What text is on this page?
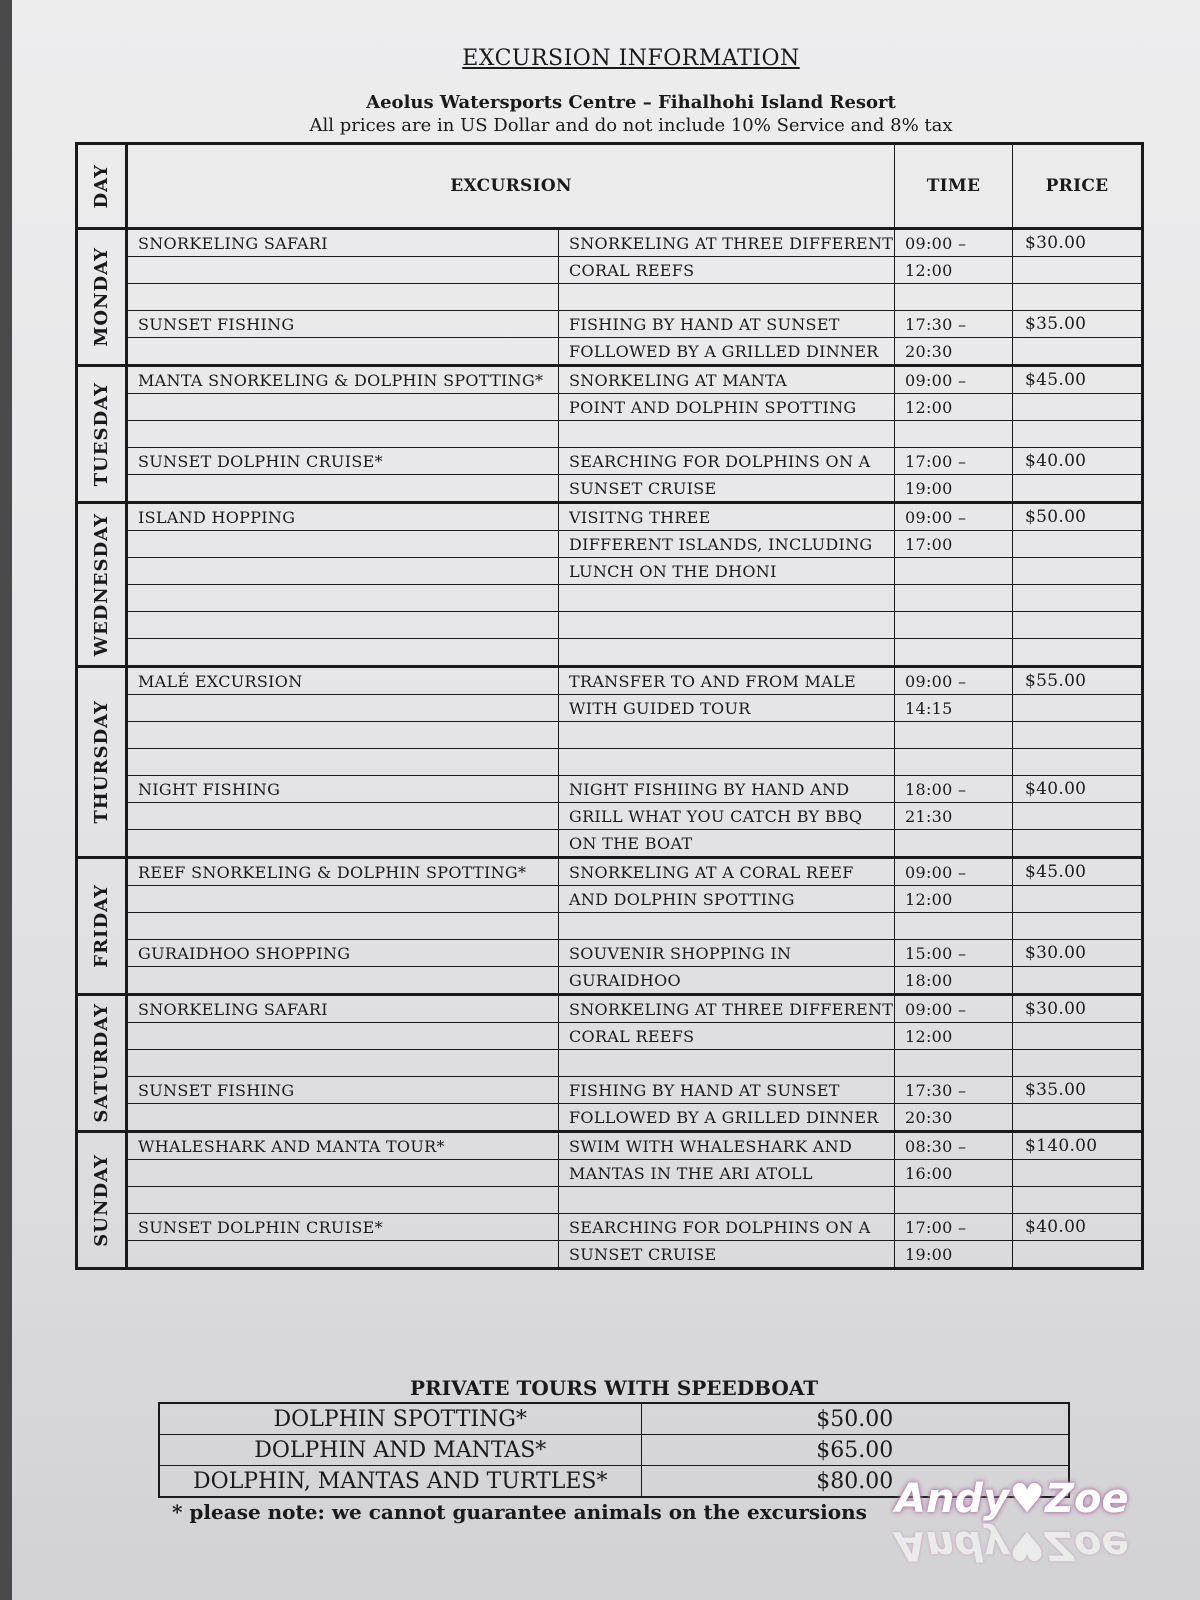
EXCURSION INFORMATION
Aeolus Watersports Centre – Fihalhohi Island Resort
All prices are in US Dollar and do not include 10% Service and 8% tax
DAY	EXCURSION		TIME	PRICE

MONDAY	SNORKELING SAFARI	SNORKELING AT THREE DIFFERENT	09:00 –	$30.00
		CORAL REEFS	12:00	

	SUNSET FISHING	FISHING BY HAND AT SUNSET	17:30 –	$35.00
		FOLLOWED BY A GRILLED DINNER	20:30	

TUESDAY	MANTA SNORKELING & DOLPHIN SPOTTING*	SNORKELING AT MANTA	09:00 –	$45.00
		POINT AND DOLPHIN SPOTTING	12:00	

	SUNSET DOLPHIN CRUISE*	SEARCHING FOR DOLPHINS ON A	17:00 –	$40.00
		SUNSET CRUISE	19:00	

WEDNESDAY	ISLAND HOPPING	VISITNG THREE	09:00 –	$50.00
		DIFFERENT ISLANDS, INCLUDING	17:00	
		LUNCH ON THE DHONI		

THURSDAY	MALÉ EXCURSION	TRANSFER TO AND FROM MALE	09:00 –	$55.00
		WITH GUIDED TOUR	14:15	

	NIGHT FISHING	NIGHT FISHIING BY HAND AND	18:00 –	$40.00
		GRILL WHAT YOU CATCH BY BBQ	21:30	
		ON THE BOAT		

FRIDAY	REEF SNORKELING & DOLPHIN SPOTTING*	SNORKELING AT A CORAL REEF	09:00 –	$45.00
		AND DOLPHIN SPOTTING	12:00	

	GURAIDHOO SHOPPING	SOUVENIR SHOPPING IN	15:00 –	$30.00
		GURAIDHOO	18:00	

SATURDAY	SNORKELING SAFARI	SNORKELING AT THREE DIFFERENT	09:00 –	$30.00
		CORAL REEFS	12:00	

	SUNSET FISHING	FISHING BY HAND AT SUNSET	17:30 –	$35.00
		FOLLOWED BY A GRILLED DINNER	20:30	

SUNDAY	WHALESHARK AND MANTA TOUR*	SWIM WITH WHALESHARK AND	08:30 –	$140.00
		MANTAS IN THE ARI ATOLL	16:00	

	SUNSET DOLPHIN CRUISE*	SEARCHING FOR DOLPHINS ON A	17:00 –	$40.00
		SUNSET CRUISE	19:00	
PRIVATE TOURS WITH SPEEDBOAT
DOLPHIN SPOTTING*	$50.00
DOLPHIN AND MANTAS*	$65.00
DOLPHIN, MANTAS AND TURTLES*	$80.00
* please note: we cannot guarantee animals on the excursions Andy♥Zoe
Andy♥Zoe
